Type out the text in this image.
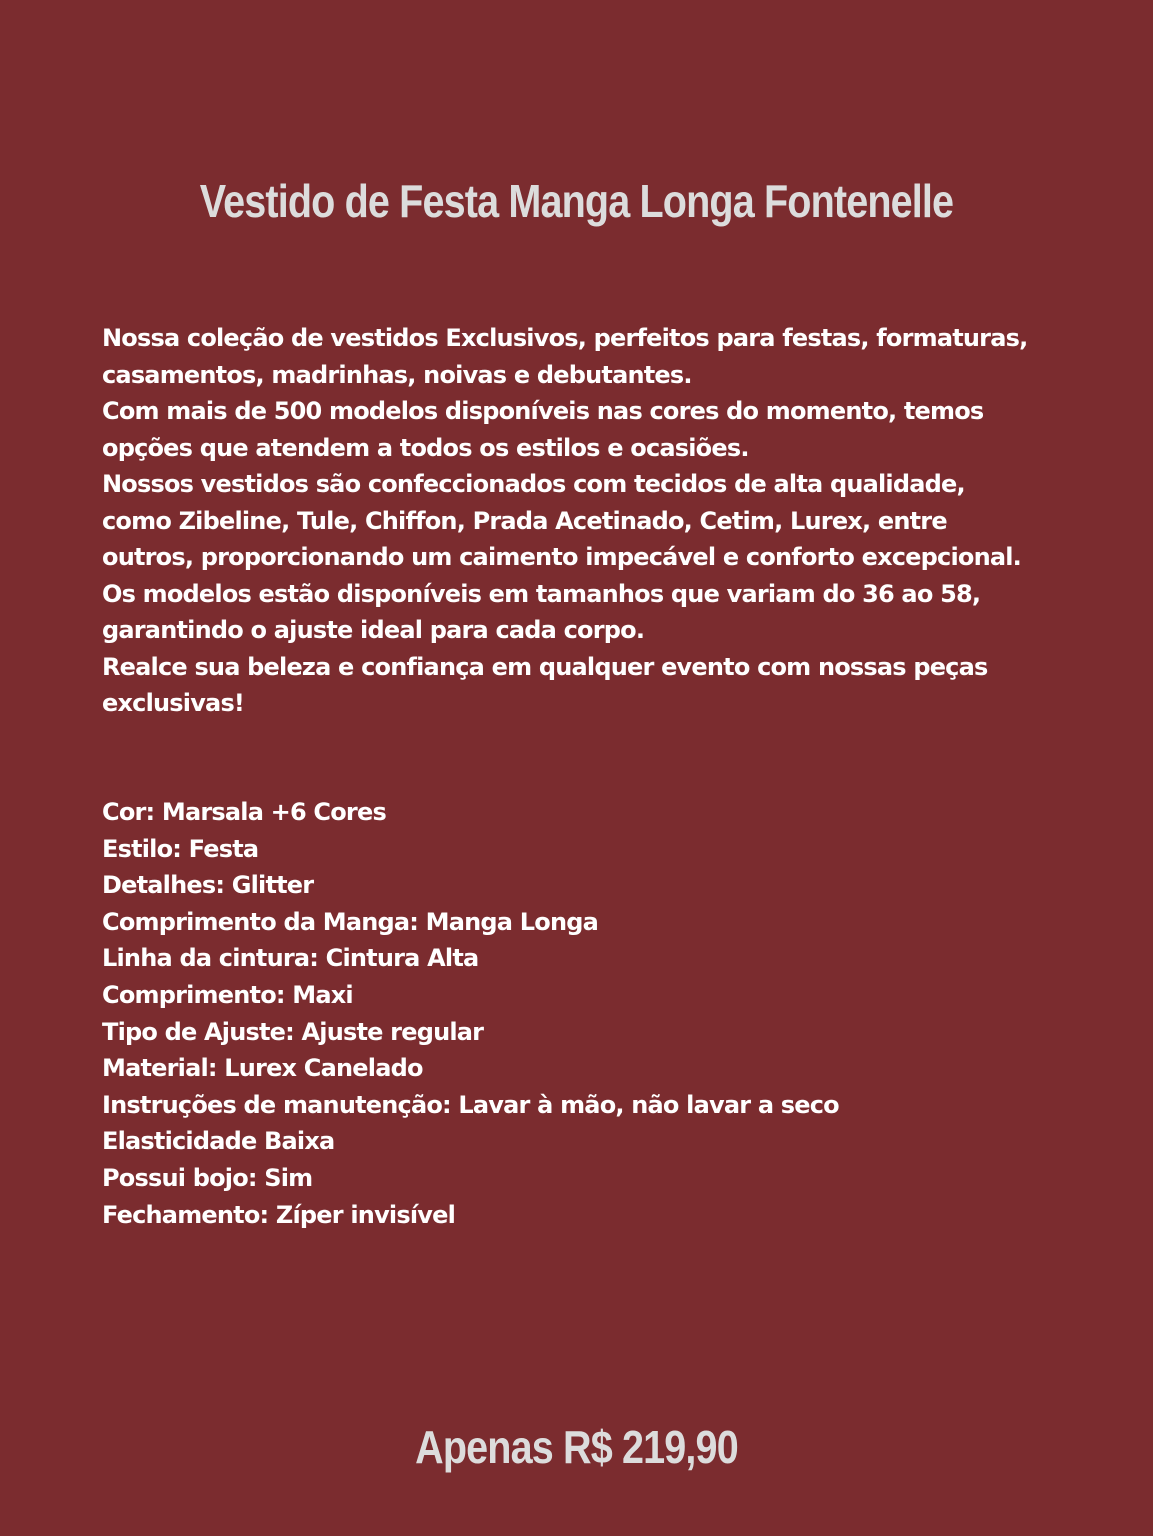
Vestido de Festa Manga Longa Fontenelle
Nossa coleção de vestidos Exclusivos, perfeitos para festas, formaturas,
casamentos, madrinhas, noivas e debutantes.
Com mais de 500 modelos disponíveis nas cores do momento, temos
opções que atendem a todos os estilos e ocasiões.
Nossos vestidos são confeccionados com tecidos de alta qualidade,
como Zibeline, Tule, Chiffon, Prada Acetinado, Cetim, Lurex, entre
outros, proporcionando um caimento impecável e conforto excepcional.
Os modelos estão disponíveis em tamanhos que variam do 36 ao 58,
garantindo o ajuste ideal para cada corpo.
Realce sua beleza e confiança em qualquer evento com nossas peças
exclusivas!
Cor: Marsala +6 Cores
Estilo: Festa
Detalhes: Glitter
Comprimento da Manga: Manga Longa
Linha da cintura: Cintura Alta
Comprimento: Maxi
Tipo de Ajuste: Ajuste regular
Material: Lurex Canelado
Instruções de manutenção: Lavar à mão, não lavar a seco
Elasticidade Baixa
Possui bojo: Sim
Fechamento: Zíper invisível
Apenas R$ 219,90
